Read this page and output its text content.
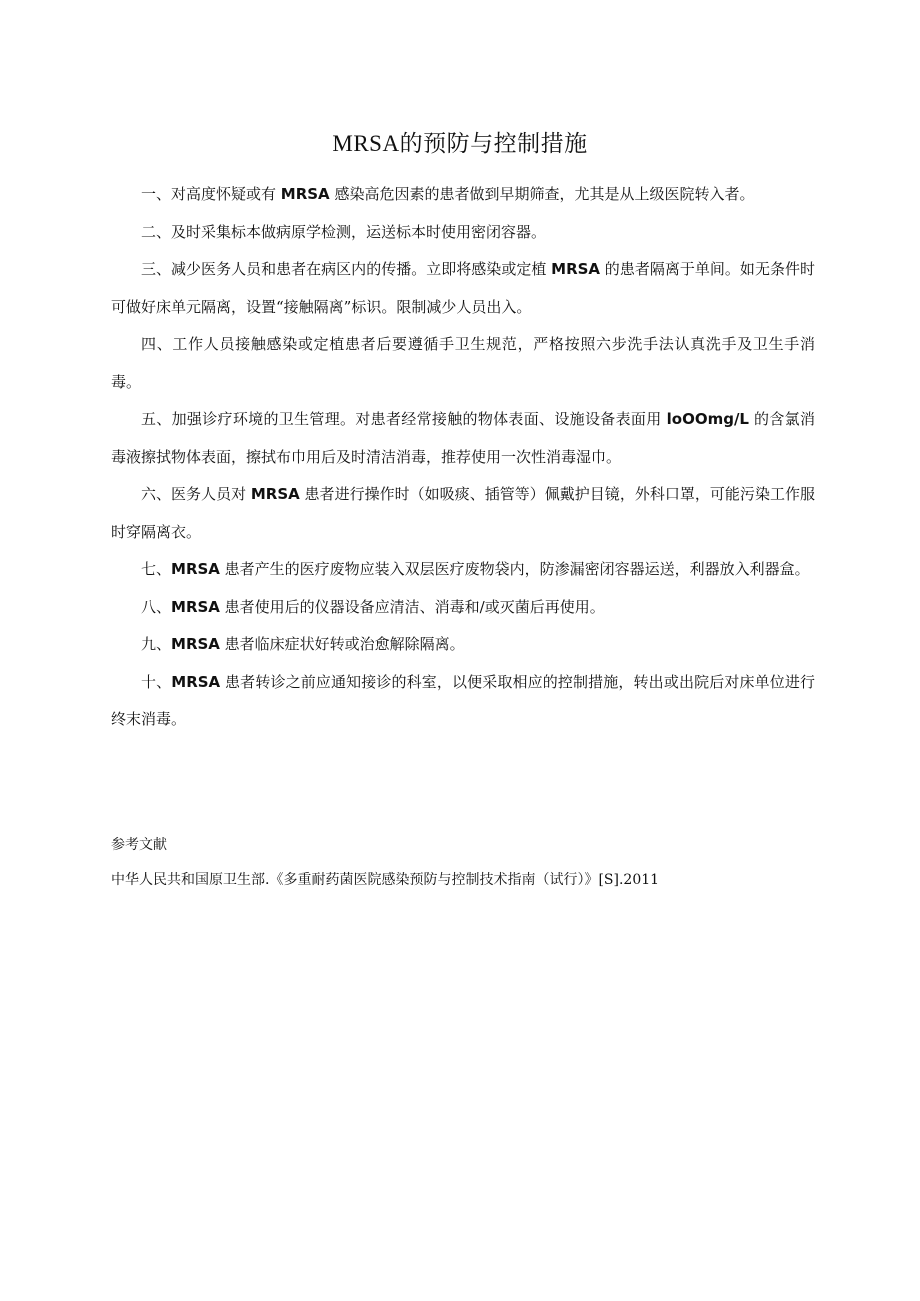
MRSA的预防与控制措施

一、对高度怀疑或有 MRSA 感染高危因素的患者做到早期筛查，尤其是从上级医院转入者。

二、及时采集标本做病原学检测，运送标本时使用密闭容器。

三、减少医务人员和患者在病区内的传播。立即将感染或定植 MRSA 的患者隔离于单间。如无条件时可做好床单元隔离，设置“接触隔离”标识。限制减少人员出入。

四、工作人员接触感染或定植患者后要遵循手卫生规范，严格按照六步洗手法认真洗手及卫生手消毒。

五、加强诊疗环境的卫生管理。对患者经常接触的物体表面、设施设备表面用 loOOmg/L 的含氯消毒液擦拭物体表面，擦拭布巾用后及时清洁消毒，推荐使用一次性消毒湿巾。

六、医务人员对 MRSA 患者进行操作时（如吸痰、插管等）佩戴护目镜，外科口罩，可能污染工作服时穿隔离衣。

七、MRSA 患者产生的医疗废物应装入双层医疗废物袋内，防渗漏密闭容器运送，利器放入利器盒。

八、MRSA 患者使用后的仪器设备应清洁、消毒和/或灭菌后再使用。

九、MRSA 患者临床症状好转或治愈解除隔离。

十、MRSA 患者转诊之前应通知接诊的科室，以便采取相应的控制措施，转出或出院后对床单位进行终末消毒。

参考文献

中华人民共和国原卫生部.《多重耐药菌医院感染预防与控制技术指南（试行）》[S].2011
